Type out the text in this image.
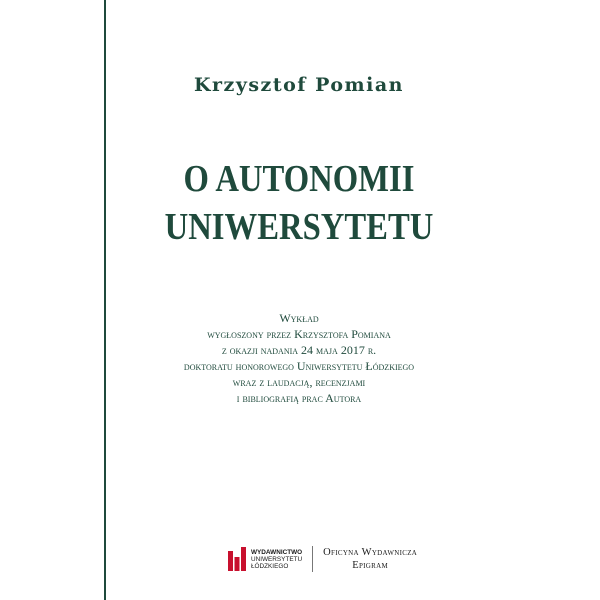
Krzysztof Pomian
O AUTONOMII
UNIWERSYTETU
Wykład
wygłoszony przez Krzysztofa Pomiana
z okazji nadania 24 maja 2017 r.
doktoratu honorowego Uniwersytetu Łódzkiego
wraz z laudacją, recenzjami
i bibliografią prac Autora
WYDAWNICTWO
UNIWERSYTETU
ŁÓDZKIEGO
Oficyna Wydawnicza
Epigram
